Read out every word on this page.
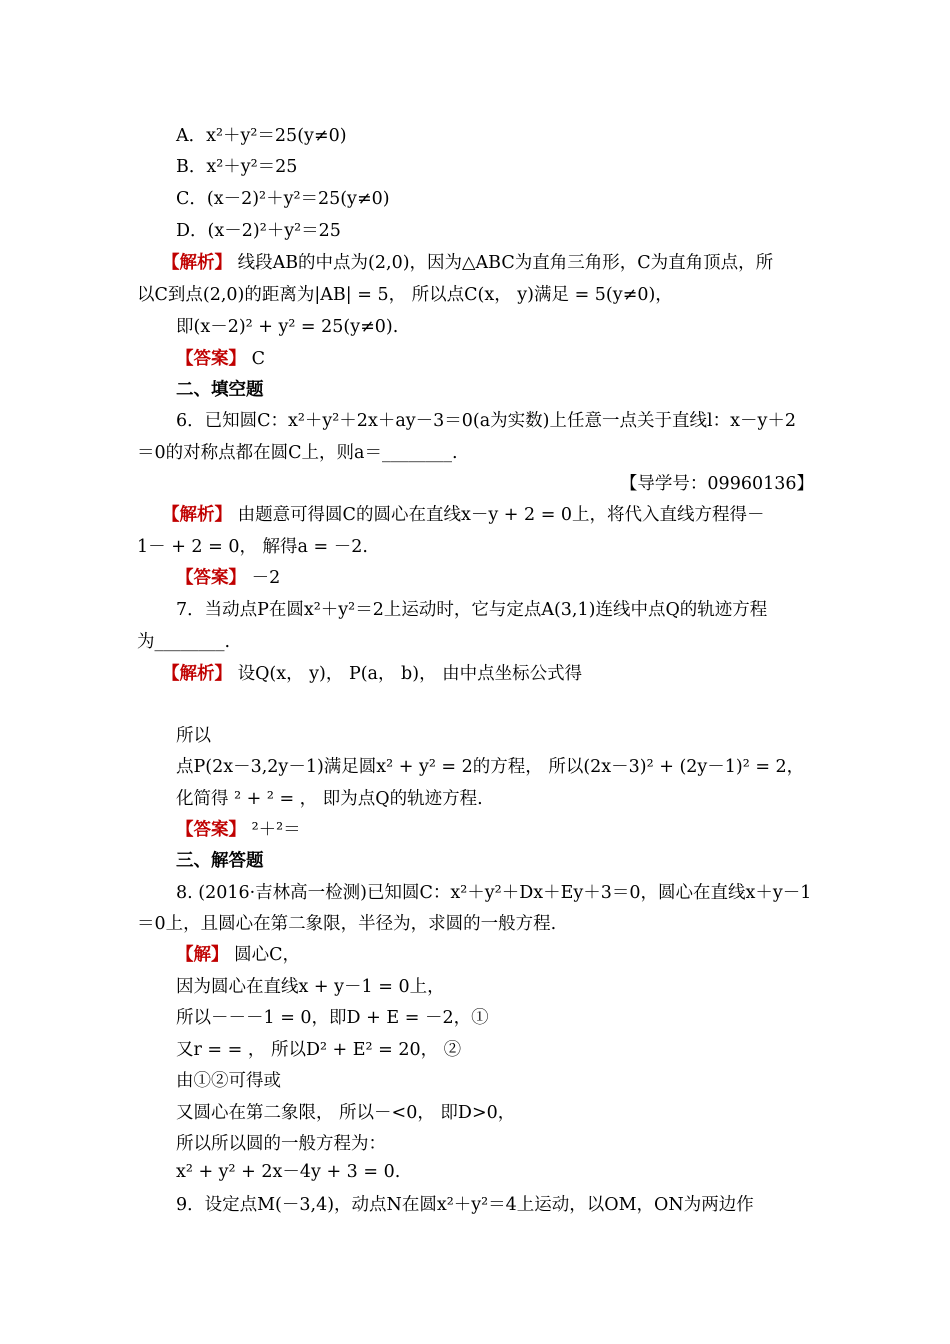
A．x²＋y²＝25(y≠0)
B．x²＋y²＝25
C．(x－2)²＋y²＝25(y≠0)
D．(x－2)²＋y²＝25
【解析】 线段AB的中点为(2,0)，因为△ABC为直角三角形，C为直角顶点，所
以C到点(2,0)的距离为|AB| = 5， 所以点C(x， y)满足 = 5(y≠0)，
即(x－2)² + y² = 25(y≠0).
【答案】 C
二、填空题
6．已知圆C：x²＋y²＋2x＋ay－3＝0(a为实数)上任意一点关于直线l：x－y＋2
＝0的对称点都在圆C上，则a＝________.
【导学号：09960136】
【解析】 由题意可得圆C的圆心在直线x－y + 2 = 0上，将代入直线方程得－
1－ + 2 = 0， 解得a = －2.
【答案】 －2
7．当动点P在圆x²＋y²＝2上运动时，它与定点A(3,1)连线中点Q的轨迹方程
为________.
【解析】 设Q(x， y)， P(a， b)， 由中点坐标公式得
所以
点P(2x－3,2y－1)满足圆x² + y² = 2的方程， 所以(2x－3)² + (2y－1)² = 2，
化简得 ² + ² = ， 即为点Q的轨迹方程.
【答案】 ²＋²＝
三、解答题
8. (2016·吉林高一检测)已知圆C：x²＋y²＋Dx＋Ey＋3＝0，圆心在直线x＋y－1
＝0上，且圆心在第二象限，半径为，求圆的一般方程.
【解】 圆心C，
因为圆心在直线x + y－1 = 0上，
所以－－－1 = 0，即D + E = －2，①
又r = = ， 所以D² + E² = 20， ②
由①②可得或
又圆心在第二象限， 所以－<0， 即D>0，
所以所以圆的一般方程为：
x² + y² + 2x－4y + 3 = 0.
9．设定点M(－3,4)，动点N在圆x²＋y²＝4上运动，以OM，ON为两边作
